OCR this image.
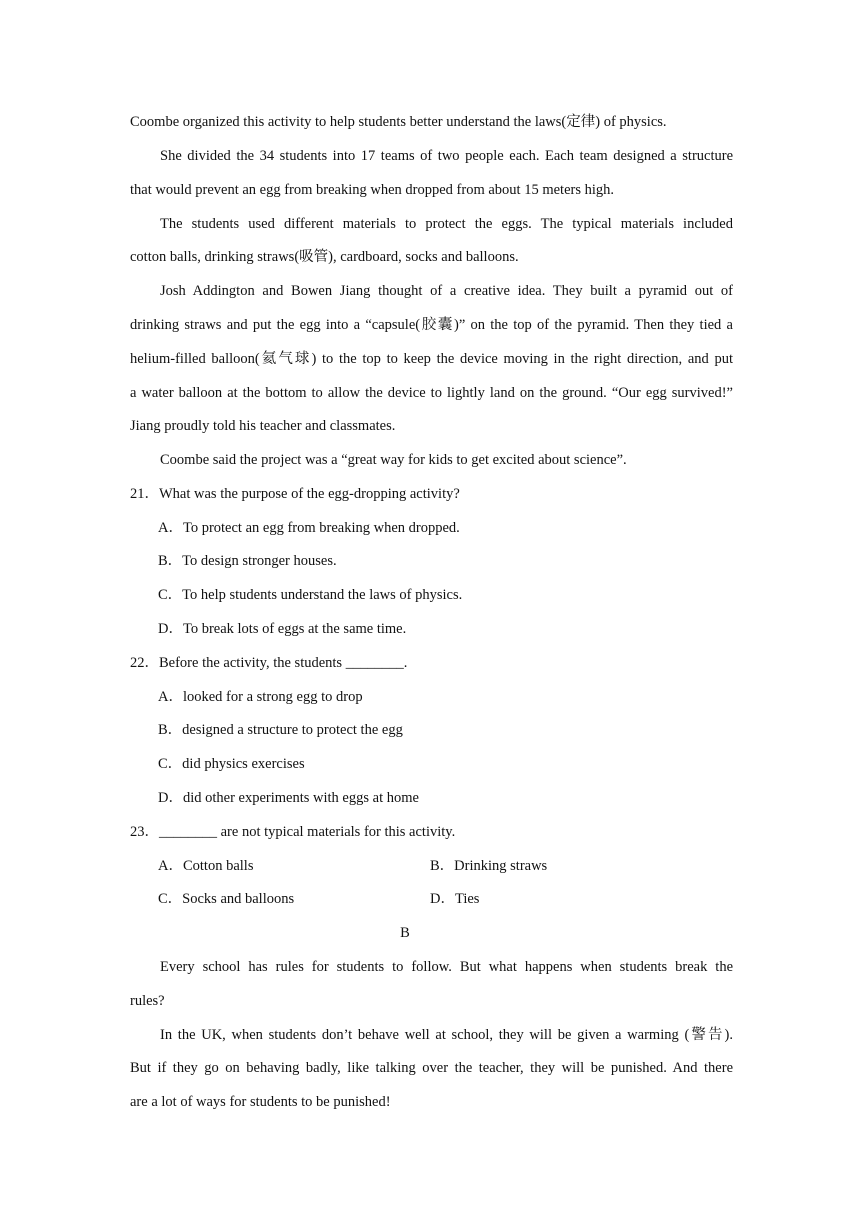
Coombe organized this activity to help students better understand the laws(定律) of physics.
She divided the 34 students into 17 teams of two people each. Each team designed a structure
that would prevent an egg from breaking when dropped from about 15 meters high.
The students used different materials to protect the eggs. The typical materials included
cotton balls, drinking straws(吸管), cardboard, socks and balloons.
Josh Addington and Bowen Jiang thought of a creative idea. They built a pyramid out of
drinking straws and put the egg into a “capsule(胶囊)” on the top of the pyramid. Then they tied a
helium-filled balloon(氦气球) to the top to keep the device moving in the right direction, and put
a water balloon at the bottom to allow the device to lightly land on the ground. “Our egg survived!”
Jiang proudly told his teacher and classmates.
Coombe said the project was a “great way for kids to get excited about science”.
21．What was the purpose of the egg-dropping activity?
A．To protect an egg from breaking when dropped.
B．To design stronger houses.
C．To help students understand the laws of physics.
D．To break lots of eggs at the same time.
22．Before the activity, the students ________.
A．looked for a strong egg to drop
B．designed a structure to protect the egg
C．did physics exercises
D．did other experiments with eggs at home
23．________ are not typical materials for this activity.
A．Cotton balls	B．Drinking straws
C．Socks and balloons	D．Ties
B
Every school has rules for students to follow. But what happens when students break the
rules?
In the UK, when students don’t behave well at school, they will be given a warming (警告).
But if they go on behaving badly, like talking over the teacher, they will be punished. And there
are a lot of ways for students to be punished!
